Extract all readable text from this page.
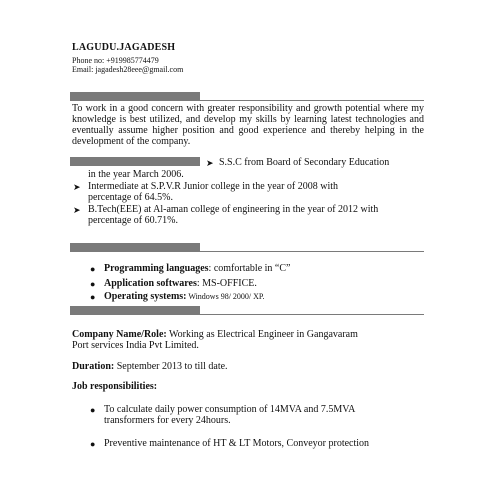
LAGUDU.JAGADESH
Phone no: +919985774479
Email: jagadesh28eee@gmail.com
To work in a good concern with greater responsibility and growth potential where my knowledge is best utilized, and develop my skills by learning latest technologies and eventually assume higher position and good experience and thereby helping in the development of the company.
➤ S.S.C from Board of Secondary Education
in the year March 2006.
➤ Intermediate at S.P.V.R Junior college in the year of 2008 with
percentage of 64.5%.
➤ B.Tech(EEE) at Al-aman college of engineering in the year of 2012 with
percentage of 60.71%.
● Programming languages: comfortable in “C”
● Application softwares: MS-OFFICE.
● Operating systems: Windows 98/ 2000/ XP.
Company Name/Role: Working as Electrical Engineer in Gangavaram
Port services India Pvt Limited.
Duration: September 2013 to till date.
Job responsibilities:
● To calculate daily power consumption of 14MVA and 7.5MVA
transformers for every 24hours.
● Preventive maintenance of HT & LT Motors, Conveyor protection
